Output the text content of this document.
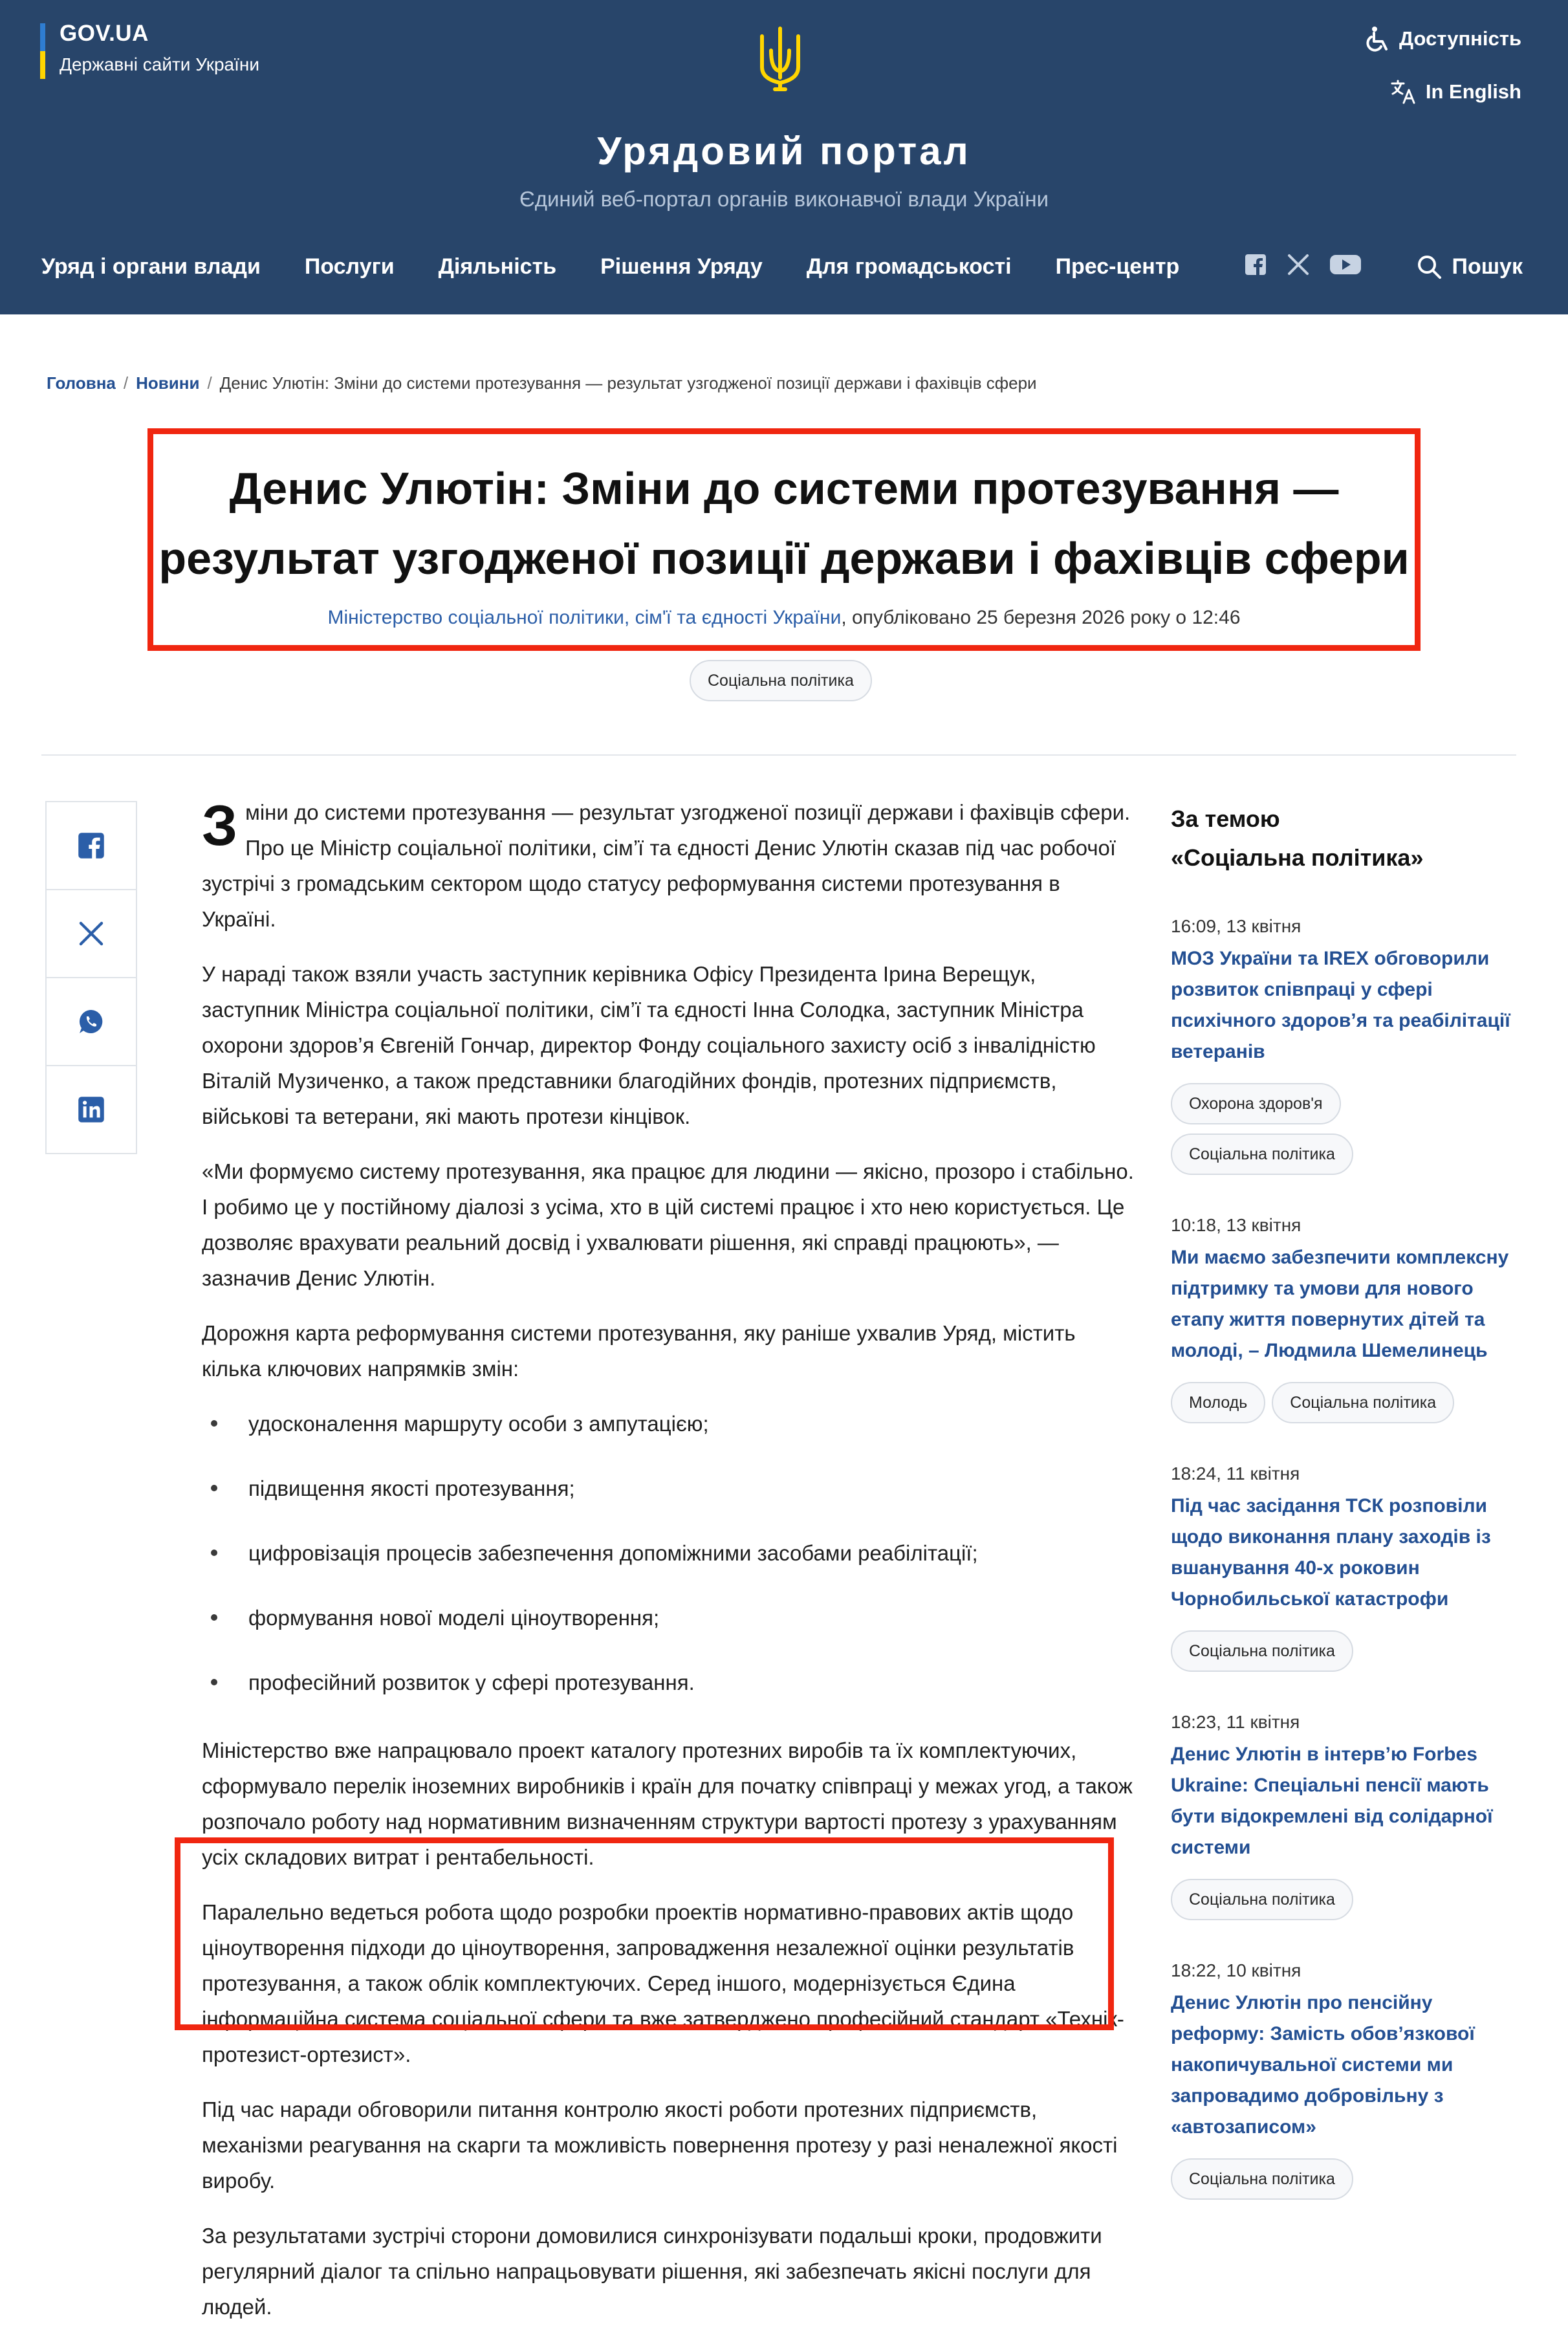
GOV.UA
Державні сайти України
Доступність
In English
Урядовий портал
Єдиний веб-портал органів виконавчої влади України
Уряд і органи влади Послуги Діяльність Рішення Уряду Для громадськості Прес-центр	Пошук
Головна / Новини / Денис Улютін: Зміни до системи протезування — результат узгодженої позиції держави і фахівців сфери
Денис Улютін: Зміни до системи протезування —
результат узгодженої позиції держави і фахівців сфери
Міністерство соціальної політики, сім'ї та єдності України, опубліковано 25 березня 2026 року о 12:46
Соціальна політика

Зміни до системи протезування — результат узгодженої позиції держави і фахівців сфери. Про це Міністр соціальної політики, сім’ї та єдності Денис Улютін сказав під час робочої зустрічі з громадським сектором щодо статусу реформування системи протезування в Україні.

У нараді також взяли участь заступник керівника Офісу Президента Ірина Верещук, заступник Міністра соціальної політики, сім’ї та єдності Інна Солодка, заступник Міністра охорони здоров’я Євгеній Гончар, директор Фонду соціального захисту осіб з інвалідністю Віталій Музиченко, а також представники благодійних фондів, протезних підприємств, військові та ветерани, які мають протези кінцівок.

«Ми формуємо систему протезування, яка працює для людини — якісно, прозоро і стабільно. І робимо це у постійному діалозі з усіма, хто в цій системі працює і хто нею користується. Це дозволяє врахувати реальний досвід і ухвалювати рішення, які справді працюють», — зазначив Денис Улютін.

Дорожня карта реформування системи протезування, яку раніше ухвалив Уряд, містить кілька ключових напрямків змін:

удосконалення маршруту особи з ампутацією;
підвищення якості протезування;
цифровізація процесів забезпечення допоміжними засобами реабілітації;
формування нової моделі ціноутворення;
професійний розвиток у сфері протезування.

Міністерство вже напрацювало проект каталогу протезних виробів та їх комплектуючих, сформувало перелік іноземних виробників і країн для початку співпраці у межах угод, а також розпочало роботу над нормативним визначенням структури вартості протезу з урахуванням усіх складових витрат і рентабельності.

Паралельно ведеться робота щодо розробки проектів нормативно-правових актів щодо ціноутворення підходи до ціноутворення, запровадження незалежної оцінки результатів протезування, а також облік комплектуючих. Серед іншого, модернізується Єдина інформаційна система соціальної сфери та вже затверджено професійний стандарт «Технік-протезист-ортезист».

Під час наради обговорили питання контролю якості роботи протезних підприємств, механізми реагування на скарги та можливість повернення протезу у разі неналежної якості виробу.

За результатами зустрічі сторони домовилися синхронізувати подальші кроки, продовжити регулярний діалог та спільно напрацьовувати рішення, які забезпечать якісні послуги для людей.

За темою
«Соціальна політика»
16:09, 13 квітня
МОЗ України та IREX обговорили розвиток співпраці у сфері психічного здоров’я та реабілітації ветеранів
Охорона здоров'я
Соціальна політика
10:18, 13 квітня
Ми маємо забезпечити комплексну підтримку та умови для нового етапу життя повернутих дітей та молоді, – Людмила Шемелинець
Молодь	Соціальна політика
18:24, 11 квітня
Під час засідання ТСК розповіли щодо виконання плану заходів із вшанування 40-х роковин Чорнобильської катастрофи
Соціальна політика
18:23, 11 квітня
Денис Улютін в інтерв’ю Forbes Ukraine: Спеціальні пенсії мають бути відокремлені від солідарної системи
Соціальна політика
18:22, 10 квітня
Денис Улютін про пенсійну реформу: Замість обов’язкової накопичувальної системи ми запровадимо добровільну з «автозаписом»
Соціальна політика
